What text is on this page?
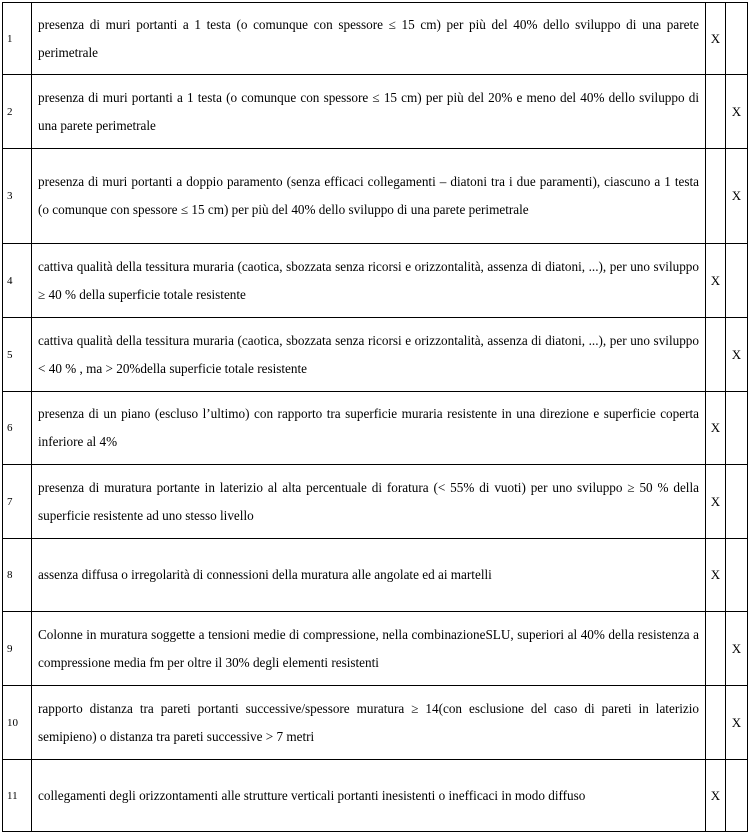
1	presenza di muri portanti a 1 testa (o comunque con spessore ≤ 15 cm) per più del 40% dello sviluppo di una parete perimetrale	X	
2	presenza di muri portanti a 1 testa (o comunque con spessore ≤ 15 cm) per più del 20% e meno del 40% dello sviluppo di una parete perimetrale		X
3	presenza di muri portanti a doppio paramento (senza efficaci collegamenti – diatoni tra i due paramenti), ciascuno a 1 testa (o comunque con spessore ≤ 15 cm) per più del 40% dello sviluppo di una parete perimetrale		X
4	cattiva qualità della tessitura muraria (caotica, sbozzata senza ricorsi e orizzontalità, assenza di diatoni, ...), per uno sviluppo ≥ 40 % della superficie totale resistente	X	
5	cattiva qualità della tessitura muraria (caotica, sbozzata senza ricorsi e orizzontalità, assenza di diatoni, ...), per uno sviluppo < 40 % , ma > 20%della superficie totale resistente		X
6	presenza di un piano (escluso l’ultimo) con rapporto tra superficie muraria resistente in una direzione e superficie coperta inferiore al 4%	X	
7	presenza di muratura portante in laterizio al alta percentuale di foratura (< 55% di vuoti) per uno sviluppo ≥ 50 % della superficie resistente ad uno stesso livello	X	
8	assenza diffusa o irregolarità di connessioni della muratura alle angolate ed ai martelli	X	
9	Colonne in muratura soggette a tensioni medie di compressione, nella combinazioneSLU, superiori al 40% della resistenza a compressione media fm per oltre il 30% degli elementi resistenti		X
10	rapporto distanza tra pareti portanti successive/spessore muratura ≥ 14(con esclusione del caso di pareti in laterizio semipieno) o distanza tra pareti successive > 7 metri		X
11	collegamenti degli orizzontamenti alle strutture verticali portanti inesistenti o inefficaci in modo diffuso	X	
